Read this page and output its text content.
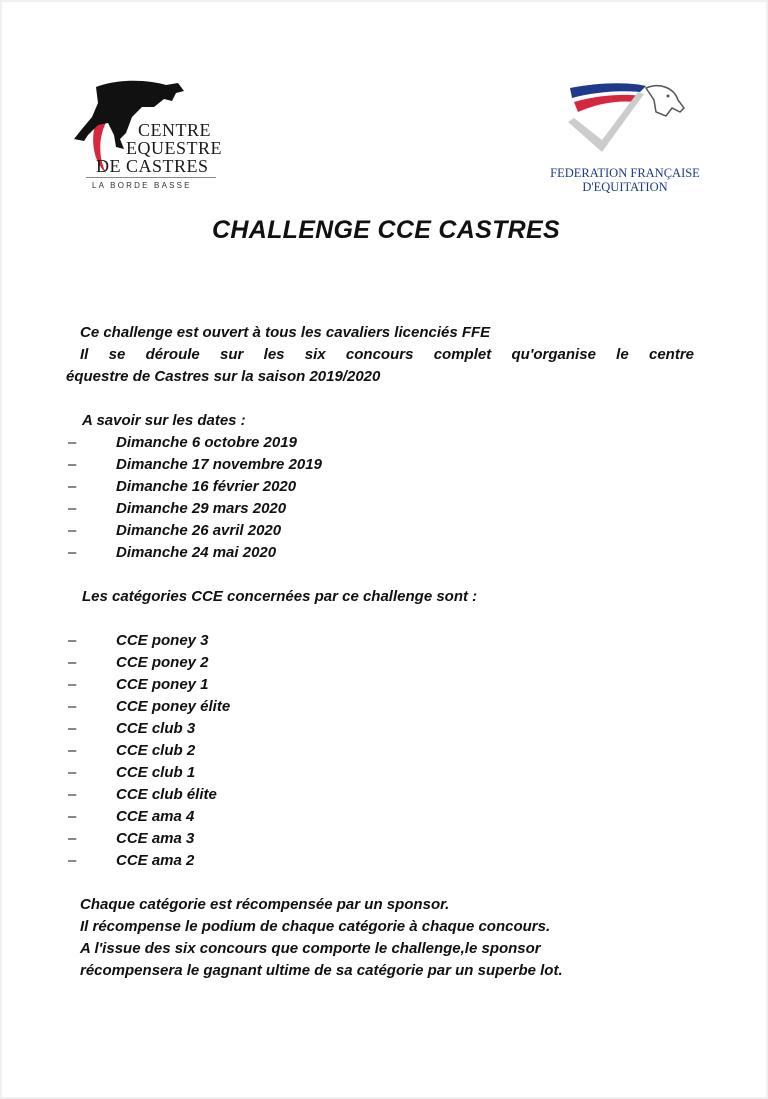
CENTRE
EQUESTRE
DE CASTRES
LA BORDE BASSE
FEDERATION FRANÇAISE
D'EQUITATION
CHALLENGE CCE CASTRES
Ce challenge est ouvert à tous les cavaliers licenciés FFE
Il se déroule sur les six concours complet qu'organise le centre
équestre de Castres sur la saison 2019/2020
A savoir sur les dates :
–	Dimanche 6 octobre 2019
–	Dimanche 17 novembre 2019
–	Dimanche 16 février 2020
–	Dimanche 29 mars 2020
–	Dimanche 26 avril 2020
–	Dimanche 24 mai 2020
Les catégories CCE concernées par ce challenge sont :
–	CCE poney 3
–	CCE poney 2
–	CCE poney 1
–	CCE poney élite
–	CCE club 3
–	CCE club 2
–	CCE club 1
–	CCE club élite
–	CCE ama 4
–	CCE ama 3
–	CCE ama 2
Chaque catégorie est récompensée par un sponsor.
Il récompense le podium de chaque catégorie à chaque concours.
A l'issue des six concours que comporte le challenge,le sponsor
récompensera le gagnant ultime de sa catégorie par un superbe lot.
